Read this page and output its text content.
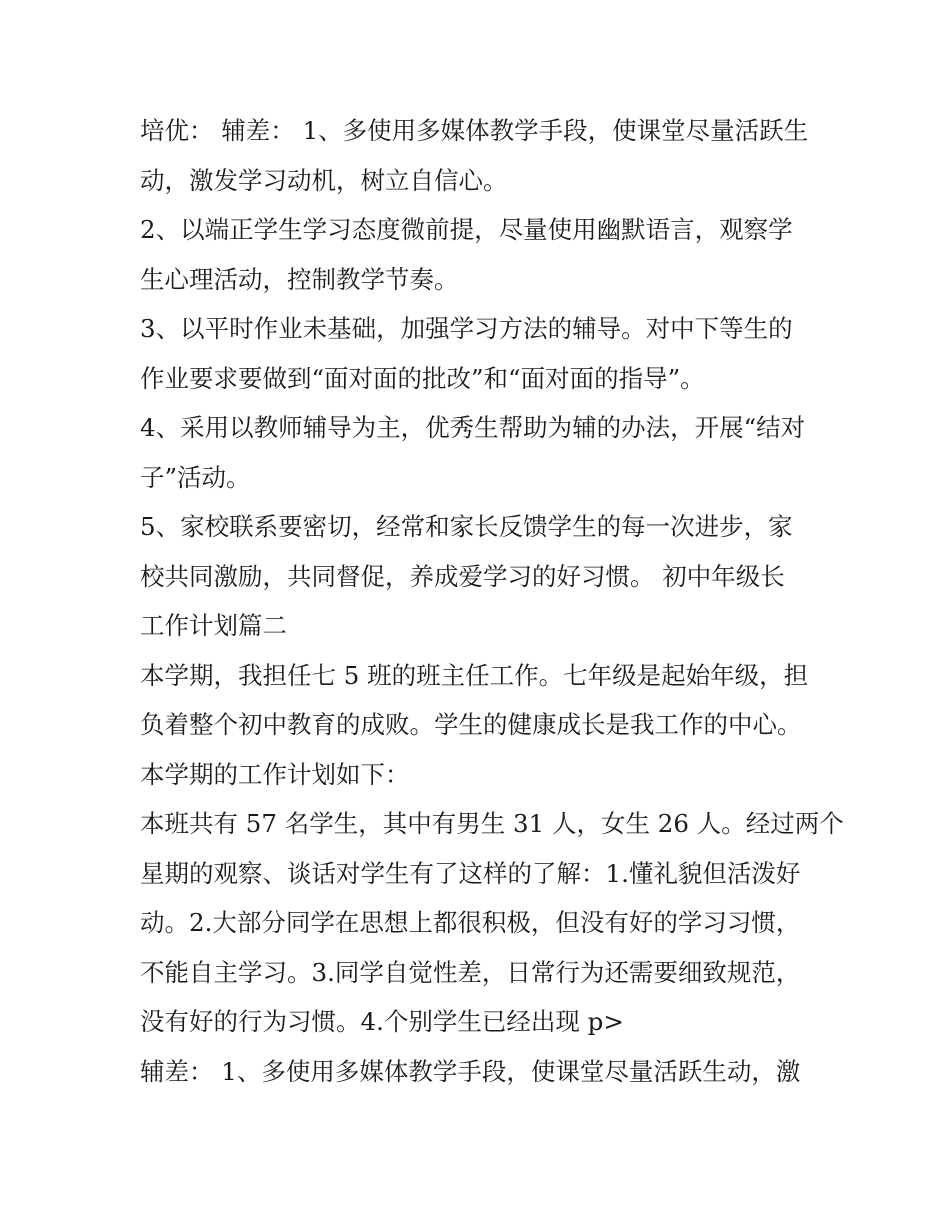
培优： 辅差： 1、多使用多媒体教学手段，使课堂尽量活跃生
动，激发学习动机，树立自信心。
2、以端正学生学习态度微前提，尽量使用幽默语言，观察学
生心理活动，控制教学节奏。
3、以平时作业未基础，加强学习方法的辅导。对中下等生的
作业要求要做到“面对面的批改”和“面对面的指导”。
4、采用以教师辅导为主，优秀生帮助为辅的办法，开展“结对
子”活动。
5、家校联系要密切，经常和家长反馈学生的每一次进步，家
校共同激励，共同督促，养成爱学习的好习惯。 初中年级长
工作计划篇二
本学期，我担任七 5 班的班主任工作。七年级是起始年级，担
负着整个初中教育的成败。学生的健康成长是我工作的中心。
本学期的工作计划如下：
本班共有 57 名学生，其中有男生 31 人，女生 26 人。经过两个
星期的观察、谈话对学生有了这样的了解：1.懂礼貌但活泼好
动。2.大部分同学在思想上都很积极，但没有好的学习习惯，
不能自主学习。3.同学自觉性差，日常行为还需要细致规范，
没有好的行为习惯。4.个别学生已经出现 p>
辅差： 1、多使用多媒体教学手段，使课堂尽量活跃生动，激
